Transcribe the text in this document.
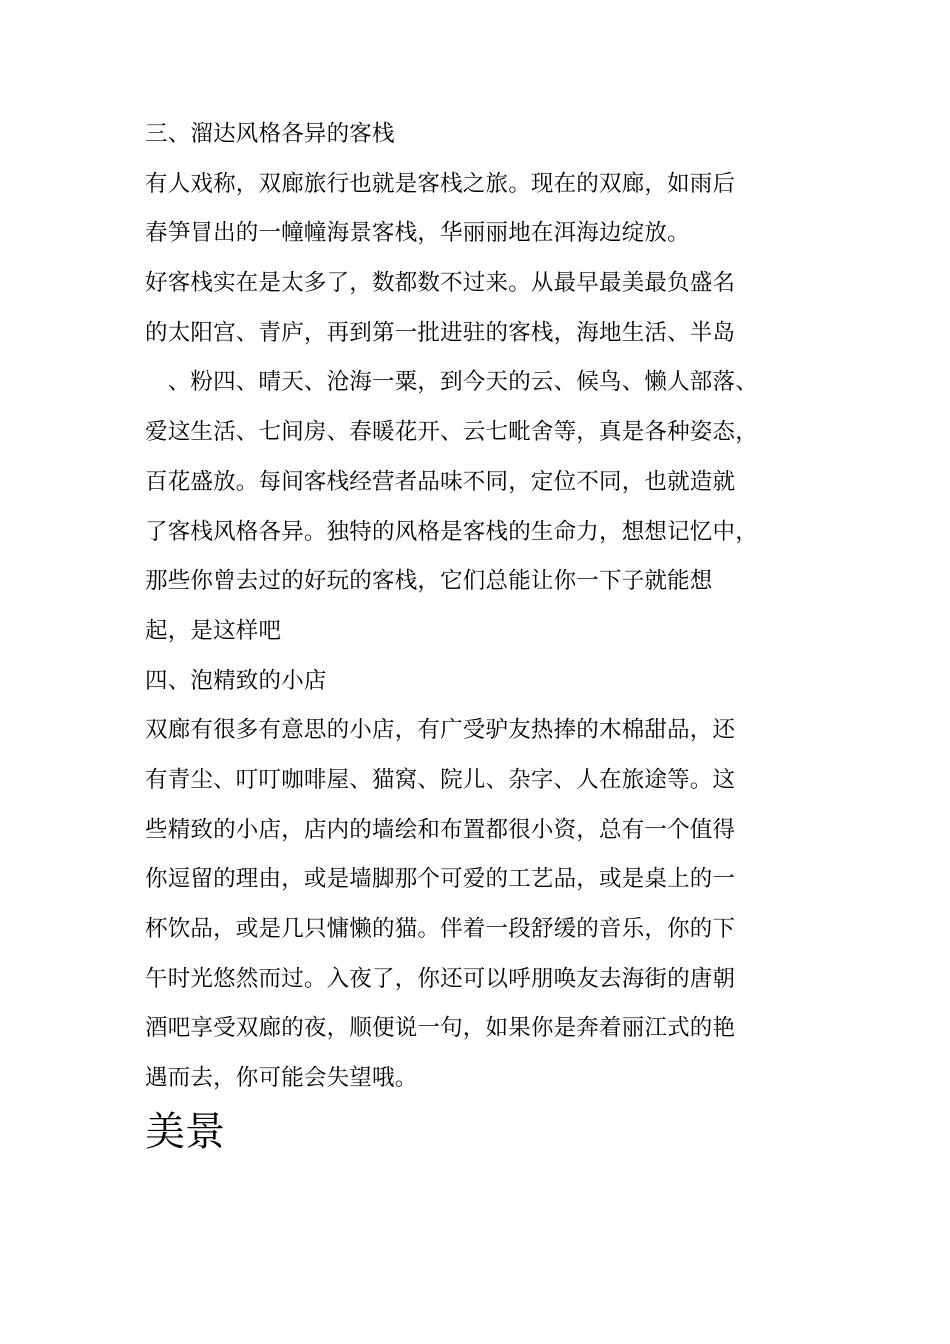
三、溜达风格各异的客栈
有人戏称，双廊旅行也就是客栈之旅。现在的双廊，如雨后
春笋冒出的一幢幢海景客栈，华丽丽地在洱海边绽放。
好客栈实在是太多了，数都数不过来。从最早最美最负盛名
的太阳宫、青庐，再到第一批进驻的客栈，海地生活、半岛
　、粉四、晴天、沧海一粟，到今天的云、候鸟、懒人部落、
爱这生活、七间房、春暖花开、云七毗舍等，真是各种姿态，
百花盛放。每间客栈经营者品味不同，定位不同，也就造就
了客栈风格各异。独特的风格是客栈的生命力，想想记忆中，
那些你曾去过的好玩的客栈，它们总能让你一下子就能想
起，是这样吧
四、泡精致的小店
双廊有很多有意思的小店，有广受驴友热捧的木棉甜品，还
有青尘、叮叮咖啡屋、猫窝、院儿、杂字、人在旅途等。这
些精致的小店，店内的墙绘和布置都很小资，总有一个值得
你逗留的理由，或是墙脚那个可爱的工艺品，或是桌上的一
杯饮品，或是几只慵懒的猫。伴着一段舒缓的音乐，你的下
午时光悠然而过。入夜了，你还可以呼朋唤友去海街的唐朝
酒吧享受双廊的夜，顺便说一句，如果你是奔着丽江式的艳
遇而去，你可能会失望哦。
美景
